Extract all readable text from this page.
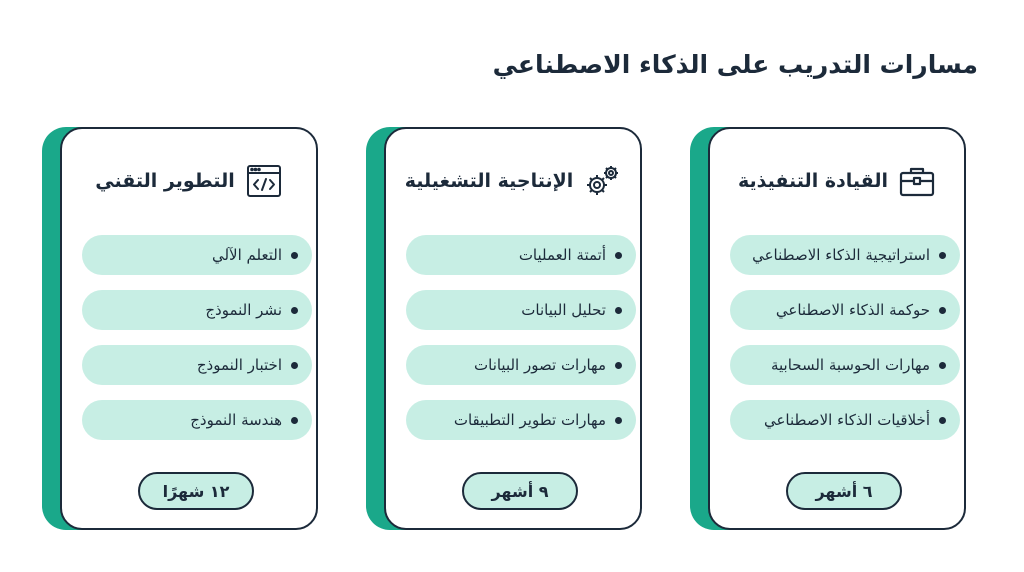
مسارات التدريب على الذكاء الاصطناعي
القيادة التنفيذية
استراتيجية الذكاء الاصطناعي
حوكمة الذكاء الاصطناعي
مهارات الحوسبة السحابية
أخلاقيات الذكاء الاصطناعي
٦ أشهر
الإنتاجية التشغيلية
أتمتة العمليات
تحليل البيانات
مهارات تصور البيانات
مهارات تطوير التطبيقات
٩ أشهر
التطوير التقني
التعلم الآلي
نشر النموذج
اختبار النموذج
هندسة النموذج
١٢ شهرًا
